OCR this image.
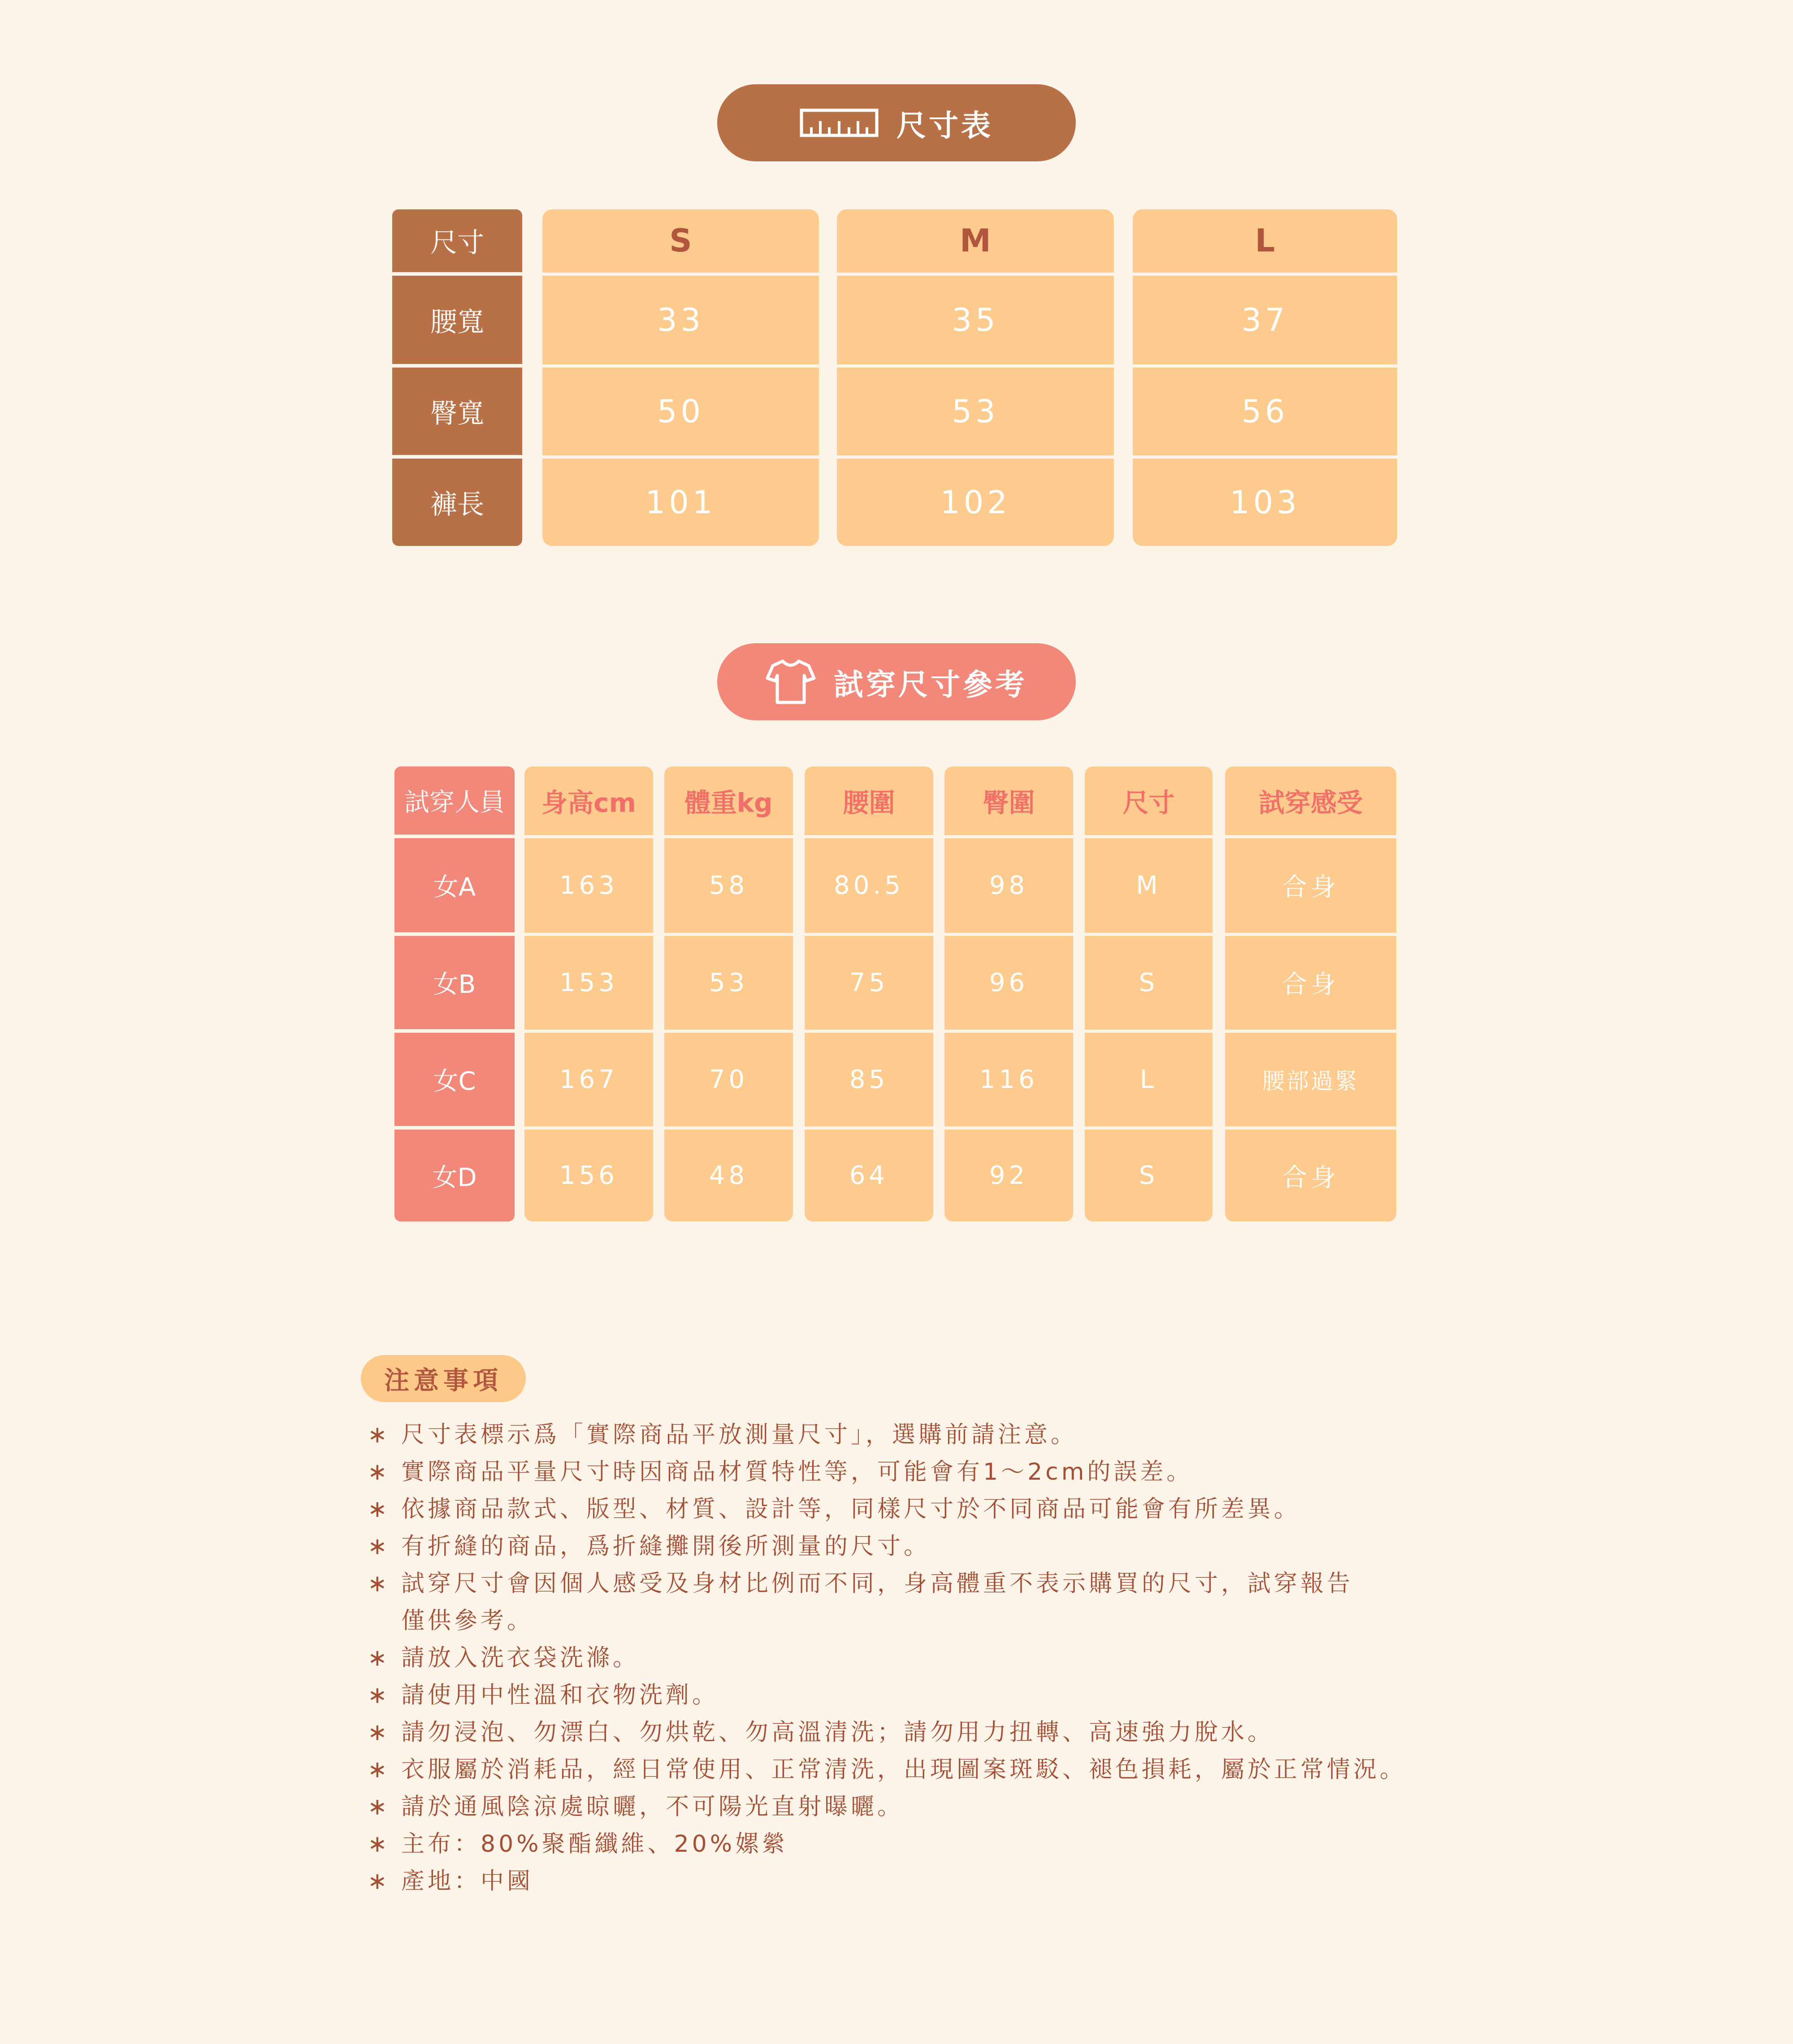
尺寸表
尺寸
腰寬
臀寬
褲長
S
33
50
101
M
35
53
102
L
37
56
103
試穿尺寸參考
試穿人員
女A
女B
女C
女D
身高cm
163
153
167
156
體重kg
58
53
70
48
腰圍
80.5
75
85
64
臀圍
98
96
116
92
尺寸
M
S
L
S
試穿感受
合身
合身
腰部過緊
合身
注意事項
∗ 尺寸表標示爲「實際商品平放測量尺寸」，選購前請注意。
∗ 實際商品平量尺寸時因商品材質特性等，可能會有1～2cm的誤差。
∗ 依據商品款式、版型、材質、設計等，同樣尺寸於不同商品可能會有所差異。
∗ 有折縫的商品，爲折縫攤開後所測量的尺寸。
∗ 試穿尺寸會因個人感受及身材比例而不同，身高體重不表示購買的尺寸，試穿報告
僅供參考。
∗ 請放入洗衣袋洗滌。
∗ 請使用中性溫和衣物洗劑。
∗ 請勿浸泡、勿漂白、勿烘乾、勿高溫清洗；請勿用力扭轉、高速強力脫水。
∗ 衣服屬於消耗品，經日常使用、正常清洗，出現圖案斑駁、褪色損耗，屬於正常情況。
∗ 請於通風陰涼處晾曬，不可陽光直射曝曬。
∗ 主布：80%聚酯纖維、20%嫘縈
∗ 產地：中國
